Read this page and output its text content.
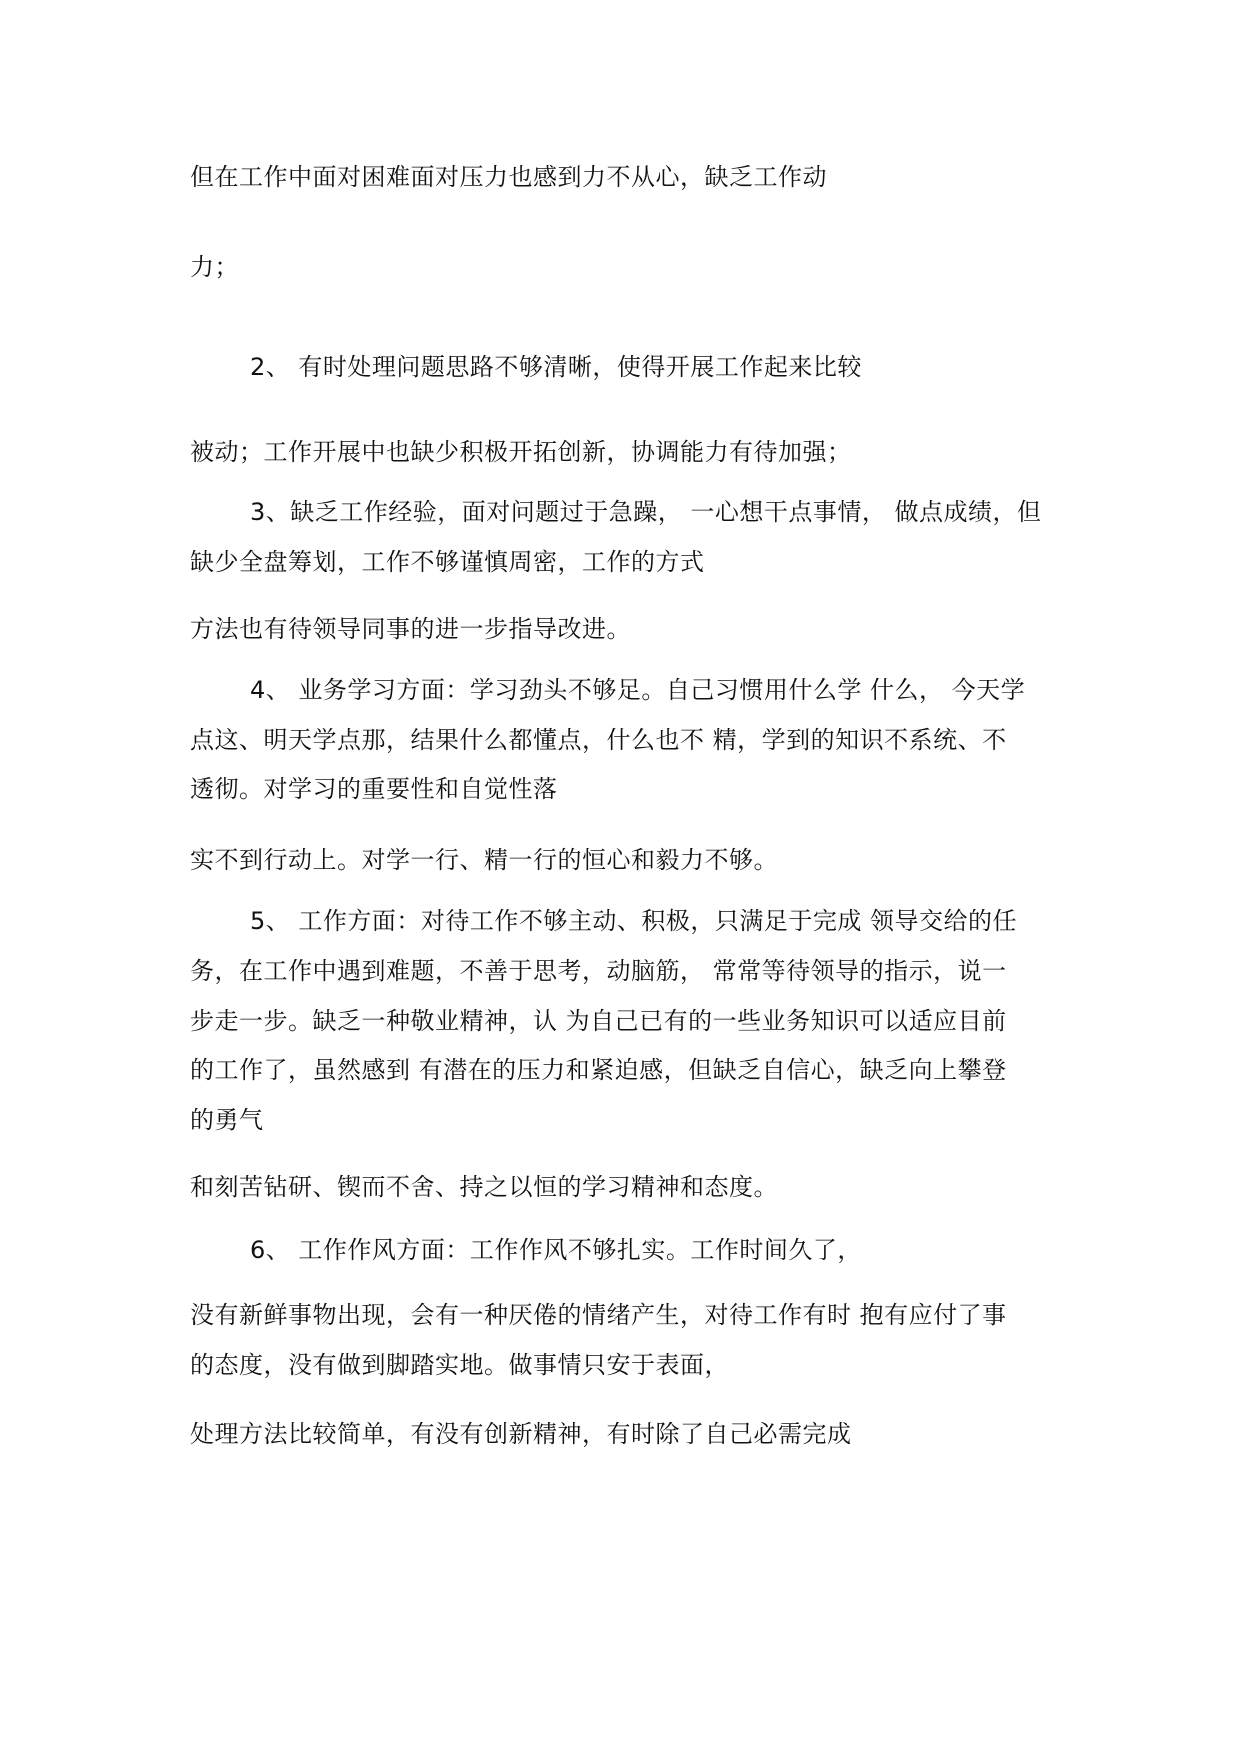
但在工作中面对困难面对压力也感到力不从心，缺乏工作动
力；
2、 有时处理问题思路不够清晰，使得开展工作起来比较
被动；工作开展中也缺少积极开拓创新，协调能力有待加强；
3、缺乏工作经验，面对问题过于急躁， 一心想干点事情， 做点成绩，但
缺少全盘筹划，工作不够谨慎周密，工作的方式
方法也有待领导同事的进一步指导改进。
4、 业务学习方面：学习劲头不够足。自己习惯用什么学 什么， 今天学
点这、明天学点那，结果什么都懂点，什么也不 精，学到的知识不系统、不
透彻。对学习的重要性和自觉性落
实不到行动上。对学一行、精一行的恒心和毅力不够。
5、 工作方面：对待工作不够主动、积极，只满足于完成 领导交给的任
务，在工作中遇到难题，不善于思考，动脑筋， 常常等待领导的指示，说一
步走一步。缺乏一种敬业精神，认 为自己已有的一些业务知识可以适应目前
的工作了，虽然感到 有潜在的压力和紧迫感，但缺乏自信心，缺乏向上攀登
的勇气
和刻苦钻研、锲而不舍、持之以恒的学习精神和态度。
6、 工作作风方面：工作作风不够扎实。工作时间久了，
没有新鲜事物出现，会有一种厌倦的情绪产生，对待工作有时 抱有应付了事
的态度，没有做到脚踏实地。做事情只安于表面，
处理方法比较简单，有没有创新精神，有时除了自己必需完成
